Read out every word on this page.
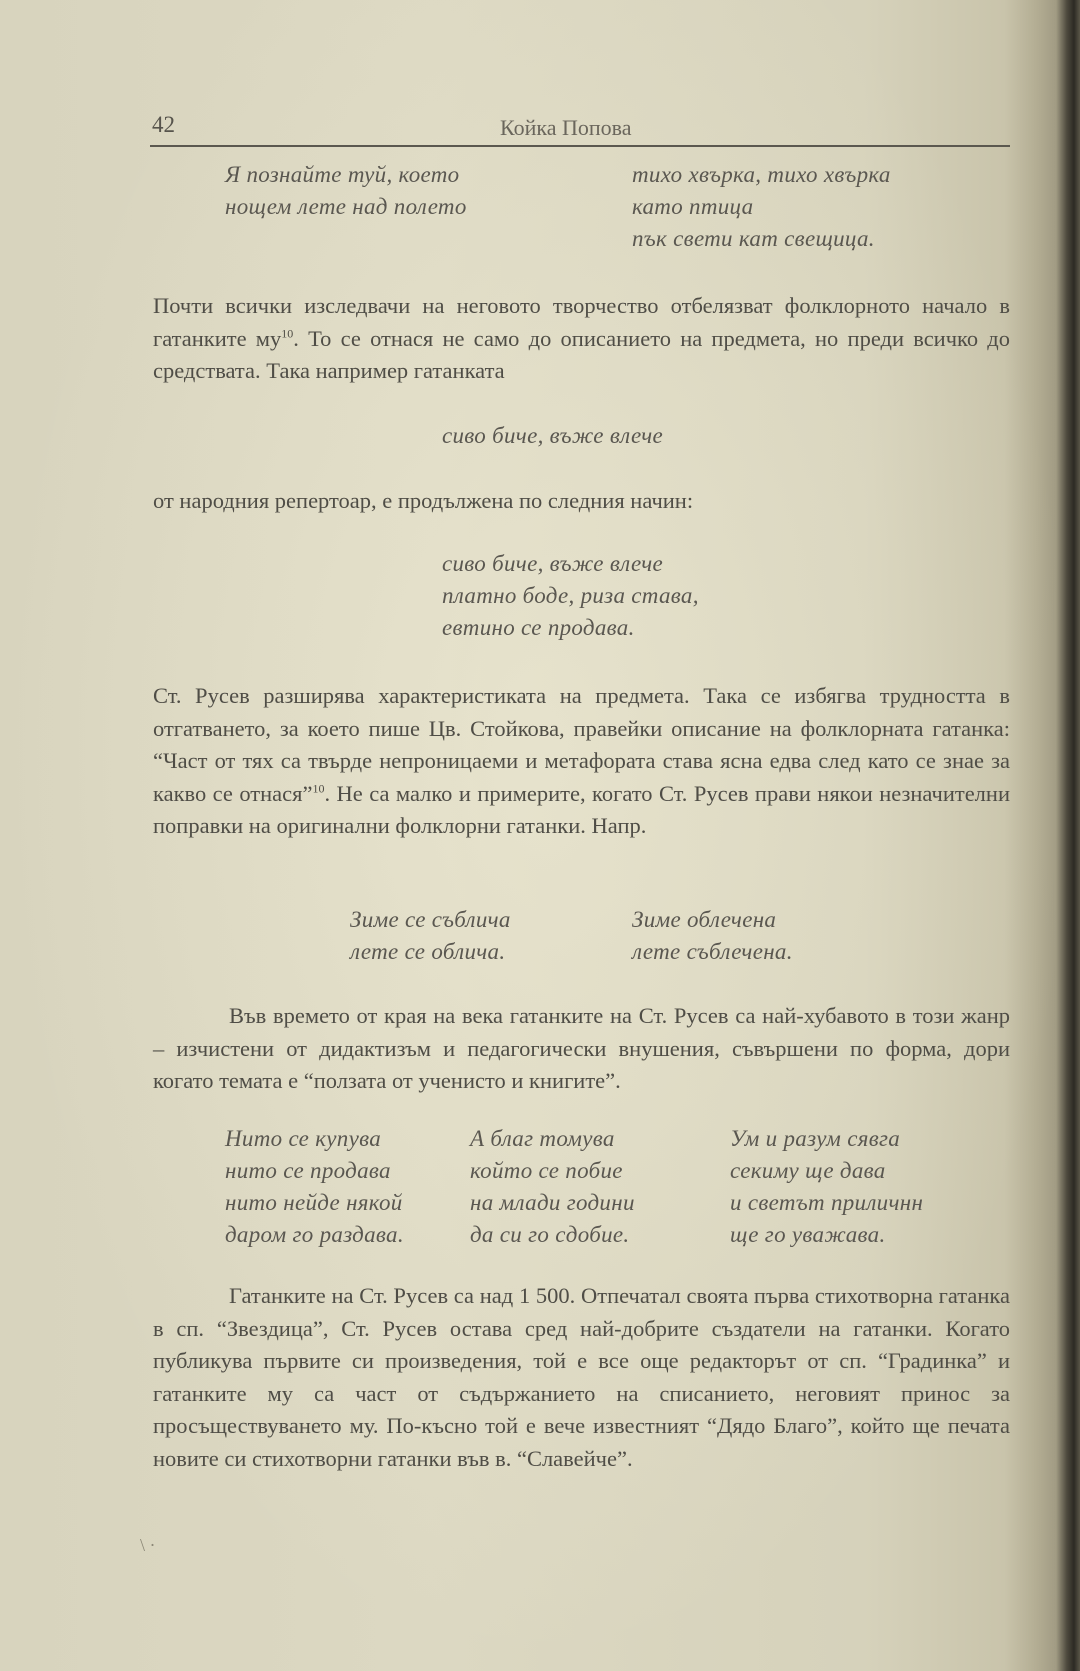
42	Койка Попова
Я познайте туй, което
нощем лете над полето
тихо хвърка, тихо хвърка
като птица
пък свети кат свещица.

Почти всички изследвачи на неговото творчество отбелязват фолклорното начало в гатанките $му^{10}$. То се отнася не само до описанието на предмета, но преди всичко до средствата. Така например гатанката

сиво биче, въже влече

от народния репертоар, е продължена по следния начин:

сиво биче, въже влече
платно боде, риза става,
евтино се продава.

Ст. Русев разширява характеристиката на предмета. Така се избягва трудността в отгатването, за което пише Цв. Стойкова, правейки описание на фолклорната гатанка: “Част от тях са твърде непроницаеми и метафората става ясна едва след като се знае за какво се отнася”$^{10}$. Не са малко и примерите, когато Ст. Русев прави някои незначителни поправки на оригинални фолклорни гатанки. Напр.

Зиме се съблича
лете се облича.
Зиме облечена
лете съблечена.

Във времето от края на века гатанките на Ст. Русев са най-хубавото в този жанр – изчистени от дидактизъм и педагогически внушения, съвършени по форма, дори когато темата е “ползата от ученисто и книгите”.

Нито се купува
нито се продава
нито нейде някой
даром го раздава.
А благ томува
който се побие
на млади години
да си го сдобие.
Ум и разум сявга
секиму ще дава
и светът приличнн
ще го уважава.

Гатанките на Ст. Русев са над 1 500. Отпечатал своята първа стихотворна гатанка в сп. “Звездица”, Ст. Русев остава сред най-добрите създатели на гатанки. Когато публикува първите си произведения, той е все още редакторът от сп. “Градинка” и гатанките му са част от съдържанието на списанието, неговият принос за просъществуването му. По-късно той е вече известният “Дядо Благо”, който ще печата новите си стихотворни гатанки във в. “Славейче”.

\ ·
